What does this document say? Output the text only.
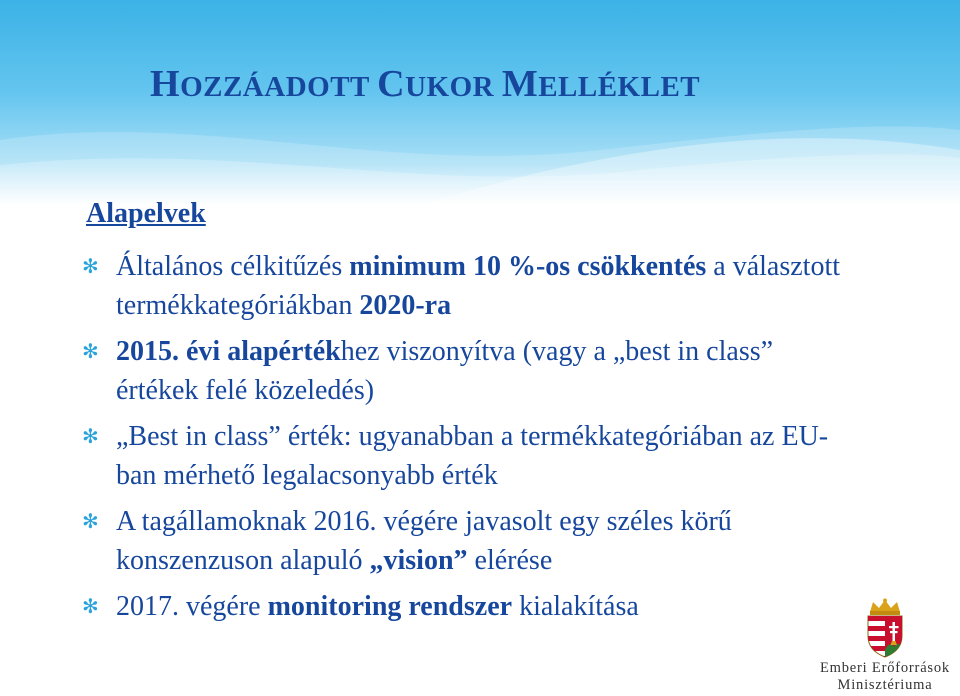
HOZZÁADOTT CUKOR MELLÉKLET
Alapelvek
✻ Általános célkitűzés minimum 10 %-os csökkentés a választott termékkategóriákban 2020-ra
✻ 2015. évi alapértékhez viszonyítva (vagy a „best in class” értékek felé közeledés)
✻ „Best in class” érték: ugyanabban a termékkategóriában az EU-ban mérhető legalacsonyabb érték
✻ A tagállamoknak 2016. végére javasolt egy széles körű konszenzuson alapuló „vision” elérése
✻ 2017. végére monitoring rendszer kialakítása
Emberi Erőforrások
Minisztériuma
